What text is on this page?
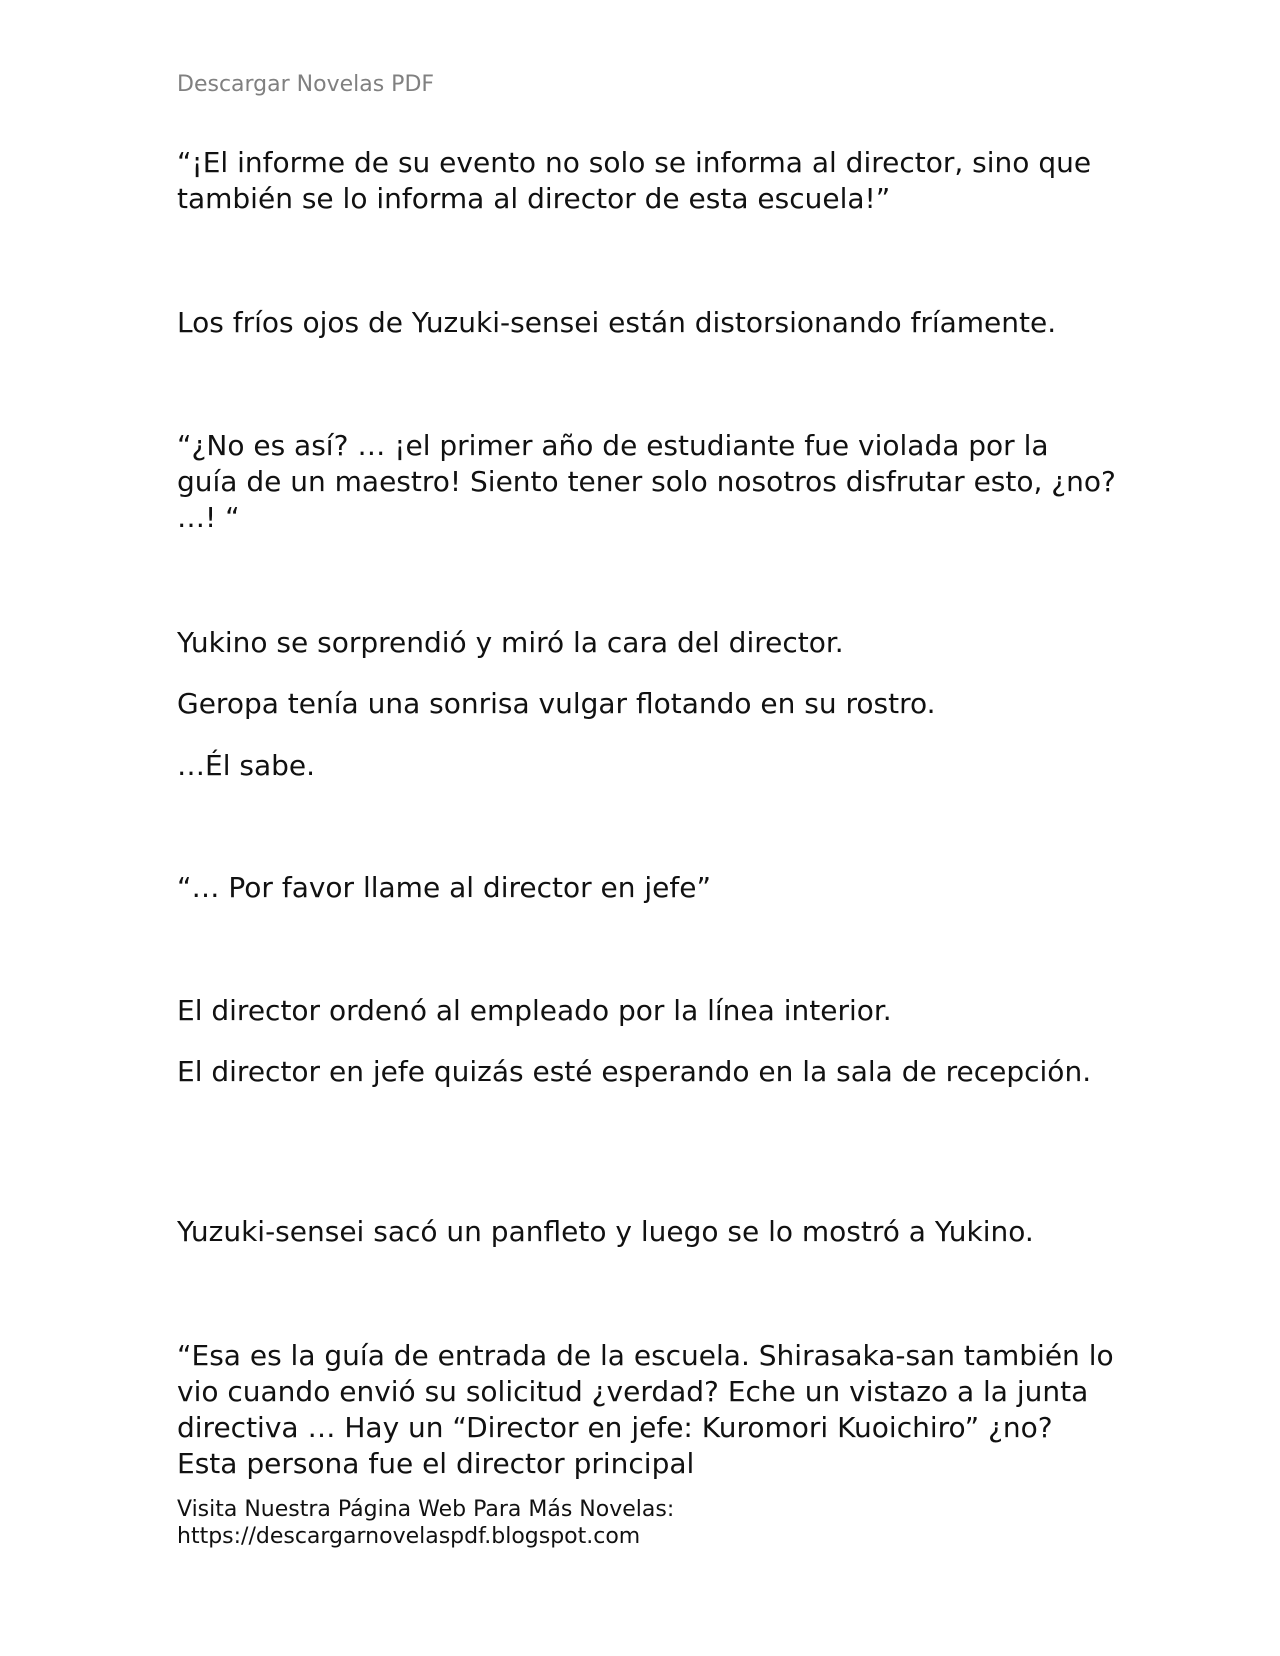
Descargar Novelas PDF

“¡El informe de su evento no solo se informa al director, sino que también se lo informa al director de esta escuela!”

Los fríos ojos de Yuzuki-sensei están distorsionando fríamente.

“¿No es así? … ¡el primer año de estudiante fue violada por la guía de un maestro! Siento tener solo nosotros disfrutar esto, ¿no? …! “

Yukino se sorprendió y miró la cara del director.

Geropa tenía una sonrisa vulgar flotando en su rostro.

…Él sabe.

“… Por favor llame al director en jefe”

El director ordenó al empleado por la línea interior.

El director en jefe quizás esté esperando en la sala de recepción.

Yuzuki-sensei sacó un panfleto y luego se lo mostró a Yukino.

“Esa es la guía de entrada de la escuela. Shirasaka-san también lo vio cuando envió su solicitud ¿verdad? Eche un vistazo a la junta directiva … Hay un “Director en jefe: Kuromori Kuoichiro” ¿no? Esta persona fue el director principal

Visita Nuestra Página Web Para Más Novelas:
https://descargarnovelaspdf.blogspot.com
